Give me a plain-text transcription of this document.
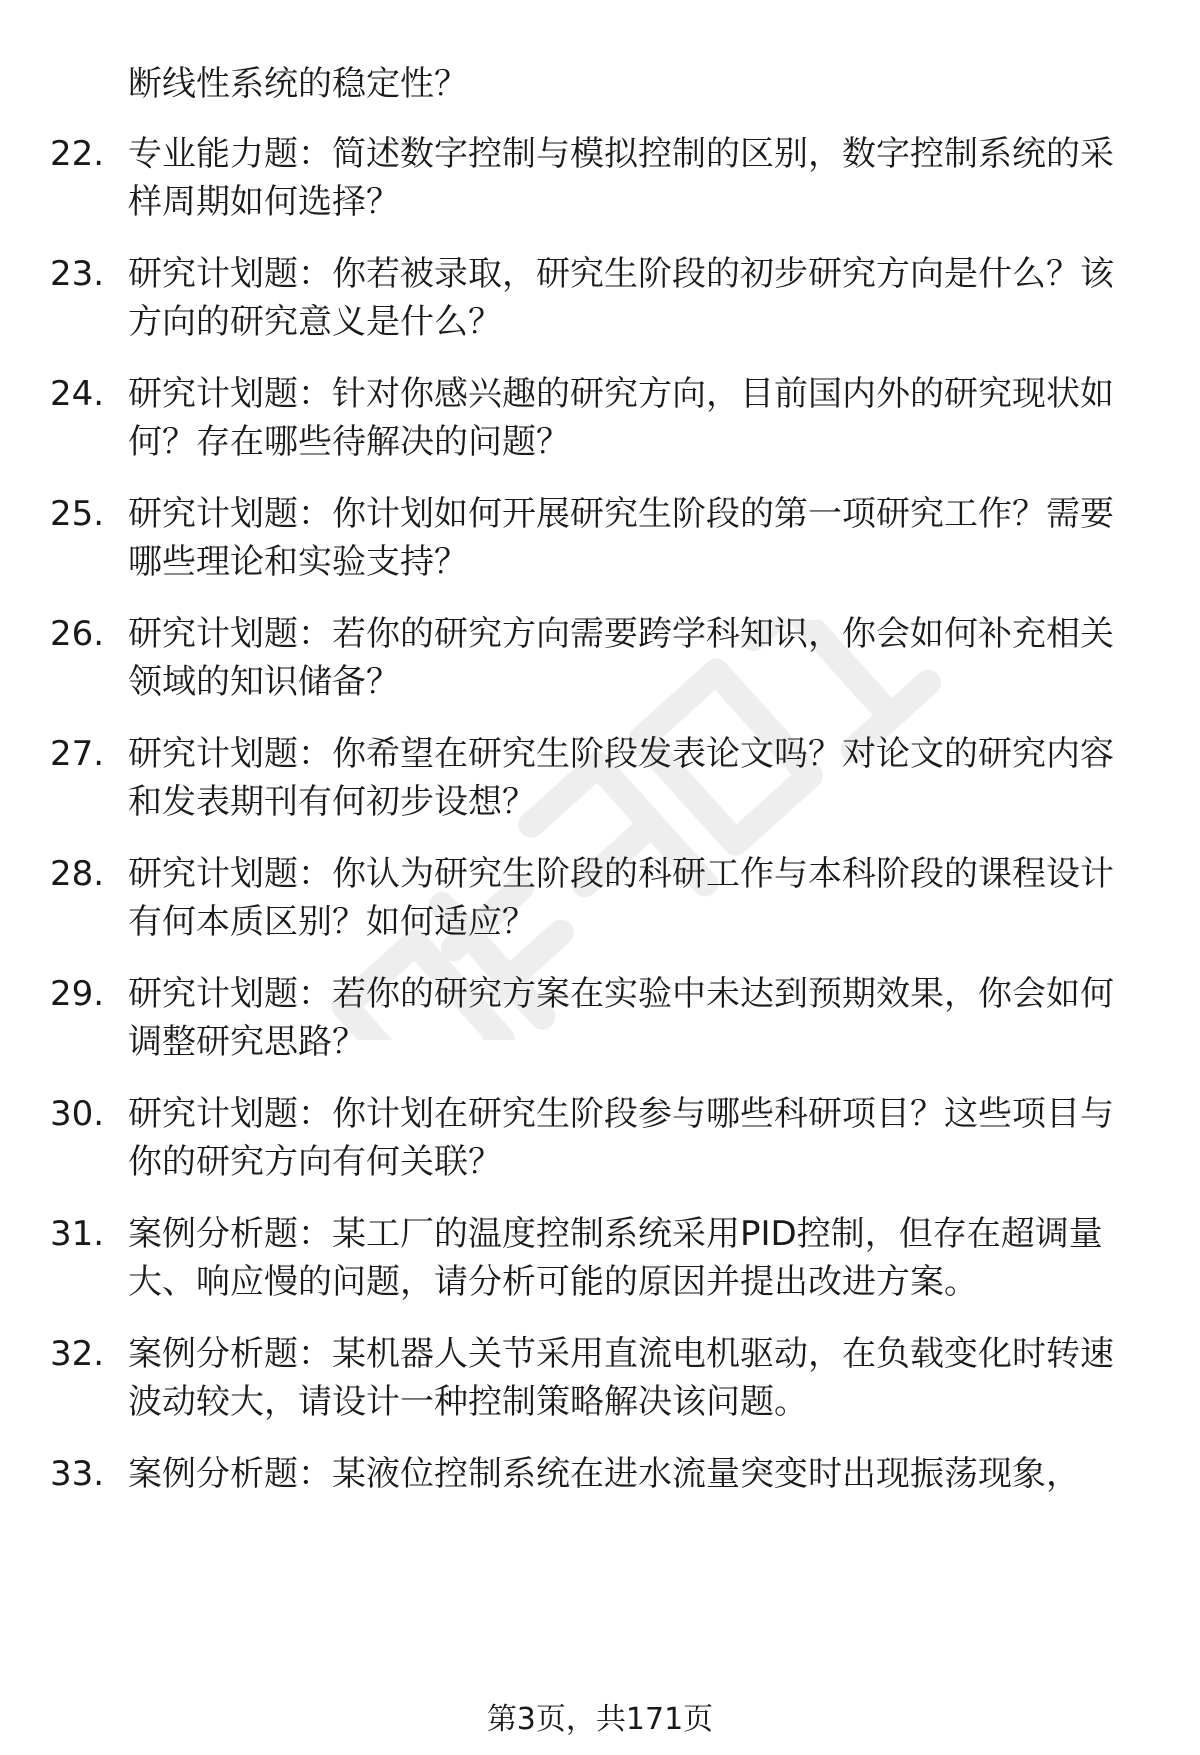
断线性系统的稳定性？

22. 专业能力题：简述数字控制与模拟控制的区别，数字控制系统的采样周期如何选择？
23. 研究计划题：你若被录取，研究生阶段的初步研究方向是什么？该方向的研究意义是什么？
24. 研究计划题：针对你感兴趣的研究方向，目前国内外的研究现状如何？存在哪些待解决的问题？
25. 研究计划题：你计划如何开展研究生阶段的第一项研究工作？需要哪些理论和实验支持？
26. 研究计划题：若你的研究方向需要跨学科知识，你会如何补充相关领域的知识储备？
27. 研究计划题：你希望在研究生阶段发表论文吗？对论文的研究内容和发表期刊有何初步设想？
28. 研究计划题：你认为研究生阶段的科研工作与本科阶段的课程设计有何本质区别？如何适应？
29. 研究计划题：若你的研究方案在实验中未达到预期效果，你会如何调整研究思路？
30. 研究计划题：你计划在研究生阶段参与哪些科研项目？这些项目与你的研究方向有何关联？
31. 案例分析题：某工厂的温度控制系统采用PID控制，但存在超调量大、响应慢的问题，请分析可能的原因并提出改进方案。
32. 案例分析题：某机器人关节采用直流电机驱动，在负载变化时转速波动较大，请设计一种控制策略解决该问题。
33. 案例分析题：某液位控制系统在进水流量突变时出现振荡现象，
第3页，共171页
